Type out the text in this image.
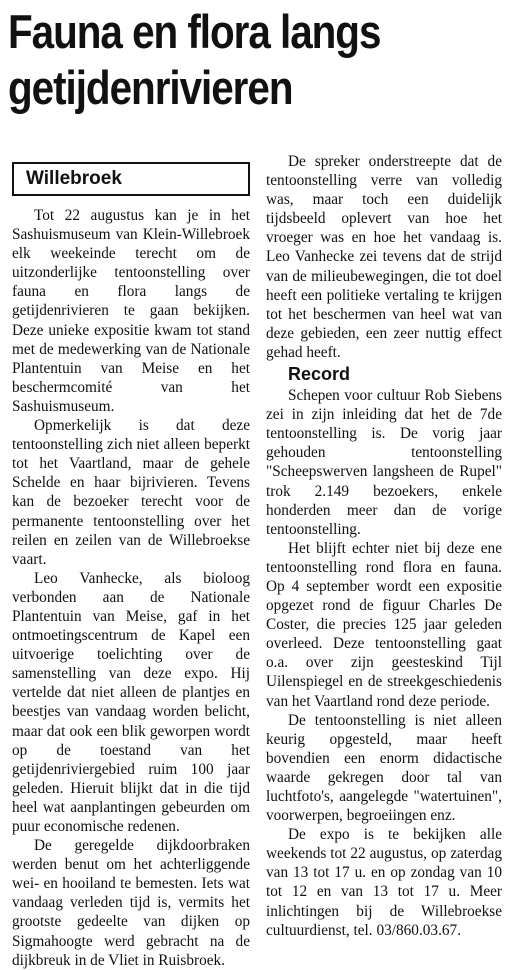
Fauna en flora langs
getijdenrivieren
Willebroek

Tot 22 augustus kan je in het Sashuismuseum van Klein-Willebroek elk weekeinde terecht om de uitzonderlijke tentoonstelling over fauna en flora langs de getijdenrivieren te gaan bekijken. Deze unieke expositie kwam tot stand met de medewerking van de Nationale Plantentuin van Meise en het beschermcomité van het Sashuismuseum.

Opmerkelijk is dat deze tentoonstelling zich niet alleen beperkt tot het Vaartland, maar de gehele Schelde en haar bijrivieren. Tevens kan de bezoeker terecht voor de permanente tentoonstelling over het reilen en zeilen van de Willebroekse vaart.

Leo Vanhecke, als bioloog verbonden aan de Nationale Plantentuin van Meise, gaf in het ontmoetingscentrum de Kapel een uitvoerige toelichting over de samenstelling van deze expo. Hij vertelde dat niet alleen de plantjes en beestjes van vandaag worden belicht, maar dat ook een blik geworpen wordt op de toestand van het getijdenriviergebied ruim 100 jaar geleden. Hieruit blijkt dat in die tijd heel wat aanplantingen gebeurden om puur economische redenen.

De geregelde dijkdoorbraken werden benut om het achterliggende wei- en hooiland te bemesten. Iets wat vandaag verleden tijd is, vermits het grootste gedeelte van dijken op Sigmahoogte werd gebracht na de dijkbreuk in de Vliet in Ruisbroek.

De spreker onderstreepte dat de tentoonstelling verre van volledig was, maar toch een duidelijk tijdsbeeld oplevert van hoe het vroeger was en hoe het vandaag is. Leo Vanhecke zei tevens dat de strijd van de milieubewegingen, die tot doel heeft een politieke vertaling te krijgen tot het beschermen van heel wat van deze gebieden, een zeer nuttig effect gehad heeft.

Record

Schepen voor cultuur Rob Siebens zei in zijn inleiding dat het de 7de tentoonstelling is. De vorig jaar gehouden tentoonstelling "Scheepswerven langsheen de Rupel" trok 2.149 bezoekers, enkele honderden meer dan de vorige tentoonstelling.

Het blijft echter niet bij deze ene tentoonstelling rond flora en fauna. Op 4 september wordt een expositie opgezet rond de figuur Charles De Coster, die precies 125 jaar geleden overleed. Deze tentoonstelling gaat o.a. over zijn geesteskind Tijl Uilenspiegel en de streekgeschiedenis van het Vaartland rond deze periode.

De tentoonstelling is niet alleen keurig opgesteld, maar heeft bovendien een enorm didactische waarde gekregen door tal van luchtfoto's, aangelegde "watertuinen", voorwerpen, begroeiingen enz.

De expo is te bekijken alle weekends tot 22 augustus, op zaterdag van 13 tot 17 u. en op zondag van 10 tot 12 en van 13 tot 17 u. Meer inlichtingen bij de Willebroekse cultuurdienst, tel. 03/860.03.67.
